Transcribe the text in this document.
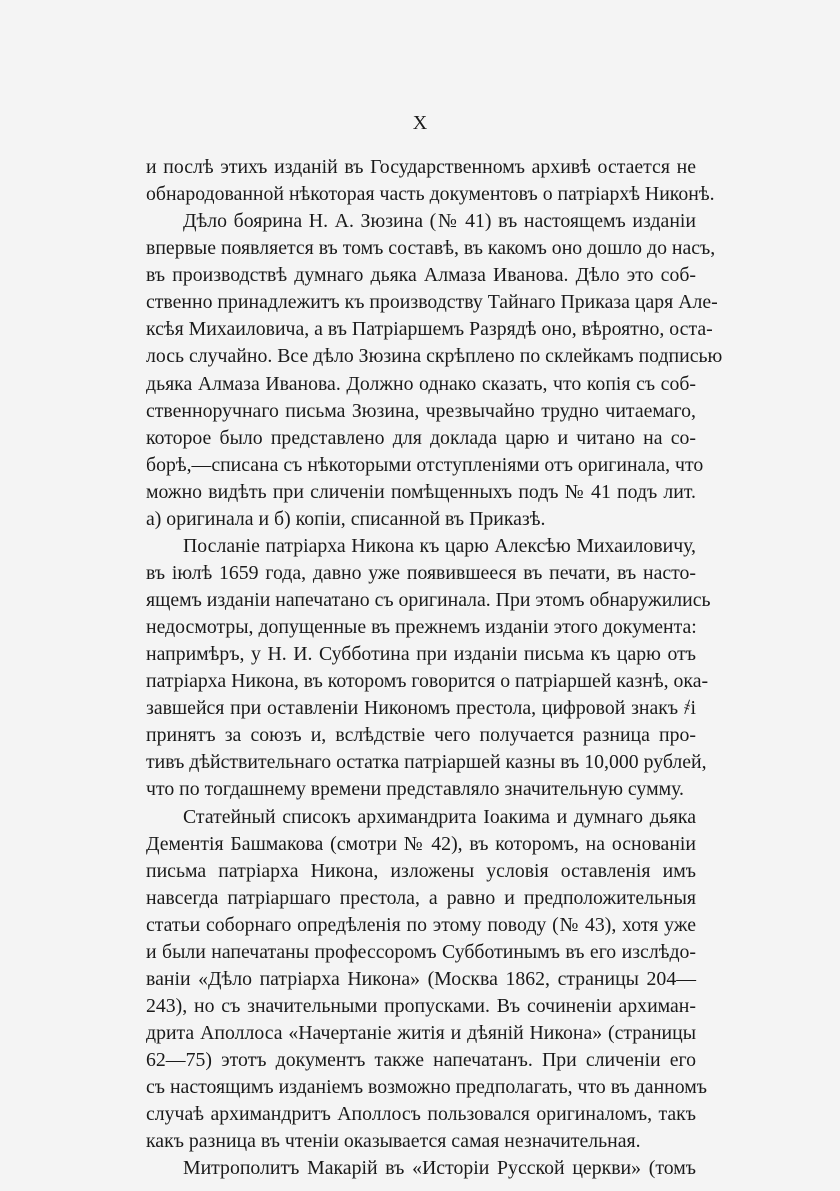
X
и послѣ этихъ изданій въ Государственномъ архивѣ остается не
обнародованной нѣкоторая часть документовъ о патріархѣ Никонѣ.
Дѣло боярина Н. А. Зюзина (№ 41) въ настоящемъ изданіи
впервые появляется въ томъ составѣ, въ какомъ оно дошло до насъ,
въ производствѣ думнаго дьяка Алмаза Иванова. Дѣло это соб-
ственно принадлежитъ къ производству Тайнаго Приказа царя Але-
ксѣя Михаиловича, а въ Патріаршемъ Разрядѣ оно, вѣроятно, оста-
лось случайно. Все дѣло Зюзина скрѣплено по склейкамъ подписью
дьяка Алмаза Иванова. Должно однако сказать, что копія съ соб-
ственноручнаго письма Зюзина, чрезвычайно трудно читаемаго,
которое было представлено для доклада царю и читано на со-
борѣ,—списана съ нѣкоторыми отступленіями отъ оригинала, что
можно видѣть при сличеніи помѣщенныхъ подъ № 41 подъ лит.
а) оригинала и б) копіи, списанной въ Приказѣ.
Посланіе патріарха Никона къ царю Алексѣю Михаиловичу,
въ іюлѣ 1659 года, давно уже появившееся въ печати, въ насто-
ящемъ изданіи напечатано съ оригинала. При этомъ обнаружились
недосмотры, допущенные въ прежнемъ изданіи этого документа:
напримѣръ, у Н. И. Субботина при изданіи письма къ царю отъ
патріарха Никона, въ которомъ говорится о патріаршей казнѣ, ока-
завшейся при оставленіи Никономъ престола, цифровой знакъ ҂і
принятъ за союзъ и, вслѣдствіе чего получается разница про-
тивъ дѣйствительнаго остатка патріаршей казны въ 10,000 рублей,
что по тогдашнему времени представляло значительную сумму.
Статейный списокъ архимандрита Іоакима и думнаго дьяка
Дементія Башмакова (смотри № 42), въ которомъ, на основаніи
письма патріарха Никона, изложены условія оставленія имъ
навсегда патріаршаго престола, а равно и предположительныя
статьи соборнаго опредѣленія по этому поводу (№ 43), хотя уже
и были напечатаны профессоромъ Субботинымъ въ его изслѣдо-
ваніи «Дѣло патріарха Никона» (Москва 1862, страницы 204—
243), но съ значительными пропусками. Въ сочиненіи архиман-
дрита Аполлоса «Начертаніе житія и дѣяній Никона» (страницы
62—75) этотъ документъ также напечатанъ. При сличеніи его
съ настоящимъ изданіемъ возможно предполагать, что въ данномъ
случаѣ архимандритъ Аполлосъ пользовался оригиналомъ, такъ
какъ разница въ чтеніи оказывается самая незначительная.
Митрополитъ Макарій въ «Исторіи Русской церкви» (томъ
